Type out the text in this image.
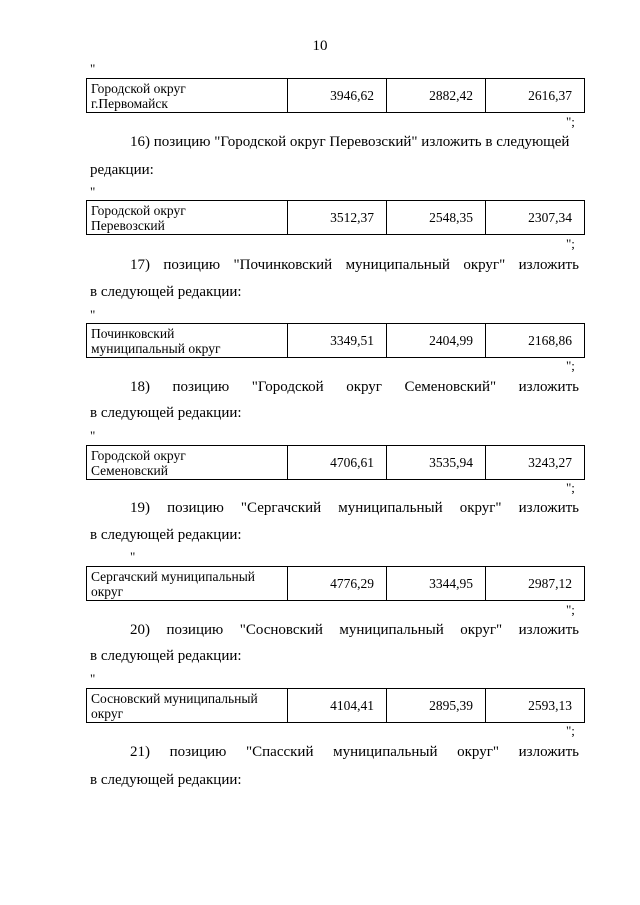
10
"
Городской округ
г.Первомайск	3946,62	2882,42	2616,37
";
16) позицию "Городской округ Перевозский" изложить в следующей
редакции:
"
Городской округ
Перевозский	3512,37	2548,35	2307,34
";
17) позицию "Починковский муниципальный округ" изложить
в следующей редакции:
"
Починковский
муниципальный округ	3349,51	2404,99	2168,86
";
18) позицию "Городской округ Семеновский" изложить
в следующей редакции:
"
Городской округ
Семеновский	4706,61	3535,94	3243,27
";
19) позицию "Сергачский муниципальный округ" изложить
в следующей редакции:
"
Сергачский муниципальный
округ	4776,29	3344,95	2987,12
";
20) позицию "Сосновский муниципальный округ" изложить
в следующей редакции:
"
Сосновский муниципальный
округ	4104,41	2895,39	2593,13
";
21) позицию "Спасский муниципальный округ" изложить
в следующей редакции:
